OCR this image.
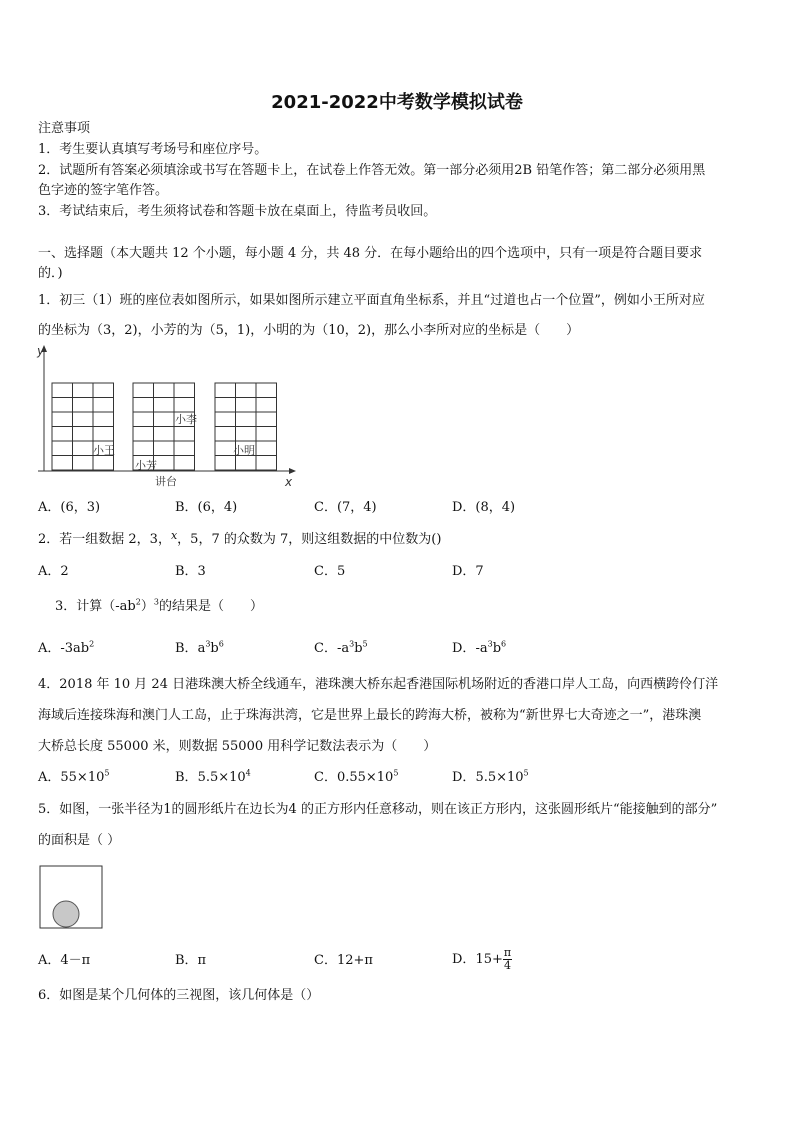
2021-2022中考数学模拟试卷
注意事项
1．考生要认真填写考场号和座位序号。
2．试题所有答案必须填涂或书写在答题卡上，在试卷上作答无效。第一部分必须用2B 铅笔作答；第二部分必须用黑
色字迹的签字笔作答。
3．考试结束后，考生须将试卷和答题卡放在桌面上，待监考员收回。
一、选择题（本大题共 12 个小题，每小题 4 分，共 48 分．在每小题给出的四个选项中，只有一项是符合题目要求
的．)
1．初三（1）班的座位表如图所示，如果如图所示建立平面直角坐标系，并且“过道也占一个位置”，例如小王所对应
的坐标为（3，2)，小芳的为（5，1)，小明的为（10，2)，那么小李所对应的坐标是（　　）
y
x
小王
小芳
小李
小明
讲台
A．(6，3)	B．(6，4)	C．(7，4)	D．(8，4)
2．若一组数据 2，3，$^x$，5，7 的众数为 7，则这组数据的中位数为()
A．2	B．3	C．5	D．7
3．计算$(-ab^2)^3$的结果是（　　）
A．$-3ab^2$	B．$a^3b^6$	C．$-a^3b^5$	D．$-a^3b^6$
4．2018 年 10 月 24 日港珠澳大桥全线通车，港珠澳大桥东起香港国际机场附近的香港口岸人工岛，向西横跨伶仃洋
海域后连接珠海和澳门人工岛，止于珠海洪湾，它是世界上最长的跨海大桥，被称为“新世界七大奇迹之一”，港珠澳
大桥总长度 55000 米，则数据 55000 用科学记数法表示为（　　）
A．$55\times 10^5$	B．$5.5\times 10^4$	C．$0.55\times 10^5$	D．$5.5\times 10^5$
5．如图，一张半径为1的圆形纸片在边长为4 的正方形内任意移动，则在该正方形内，这张圆形纸片“能接触到的部分”
的面积是（ ）
A．4－π	B．π	C．12+π	D．$15+ \frac{\pi}{4}$
6．如图是某个几何体的三视图，该几何体是（）
